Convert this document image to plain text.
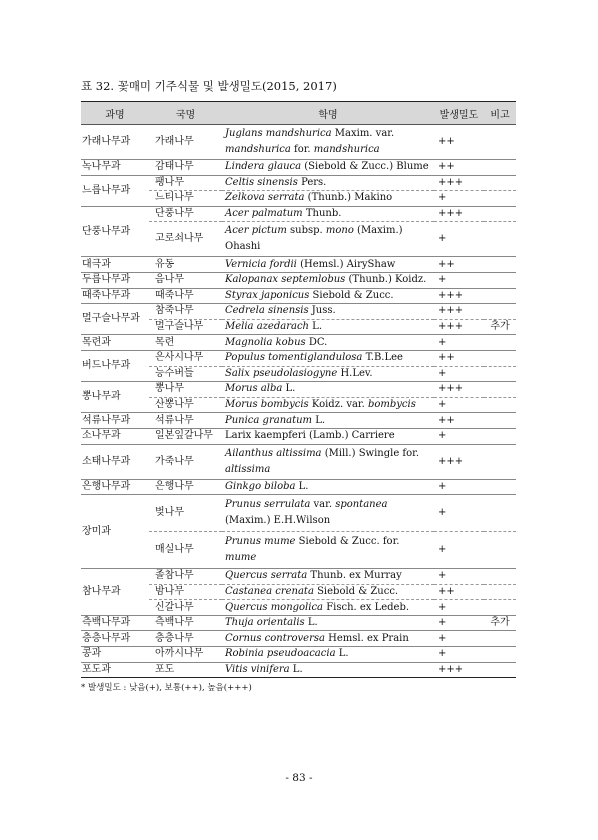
표 32. 꽃매미 기주식물 및 발생밀도(2015, 2017)
과명	국명	학명	발생밀도	비고
가래나무과	가래나무	Juglans mandshurica Maxim. var. mandshurica for. mandshurica	++	
녹나무과	감태나무	Lindera glauca (Siebold & Zucc.) Blume	++	
느릅나무과	팽나무	Celtis sinensis Pers.	+++	
	느티나무	Zelkova serrata (Thunb.) Makino	+	
단풍나무과	단풍나무	Acer palmatum Thunb.	+++	
	고로쇠나무	Acer pictum subsp. mono (Maxim.) Ohashi	+	
대극과	유동	Vernicia fordii (Hemsl.) AiryShaw	++	
두릅나무과	음나무	Kalopanax septemlobus (Thunb.) Koidz.	+	
때죽나무과	때죽나무	Styrax japonicus Siebold & Zucc.	+++	
멀구슬나무과	참죽나무	Cedrela sinensis Juss.	+++	
	멀구슬나무	Melia azedarach L.	+++	추가
목련과	목련	Magnolia kobus DC.	+	
버드나무과	은사시나무	Populus tomentiglandulosa T.B.Lee	++	
	능수버들	Salix pseudolasiogyne H.Lev.	+	
뽕나무과	뽕나무	Morus alba L.	+++	
	산뽕나무	Morus bombycis Koidz. var. bombycis	+	
석류나무과	석류나무	Punica granatum L.	++	
소나무과	일본잎갈나무	Larix kaempferi (Lamb.) Carriere	+	
소태나무과	가죽나무	Ailanthus altissima (Mill.) Swingle for. altissima	+++	
은행나무과	은행나무	Ginkgo biloba L.	+	
장미과	벚나무	Prunus serrulata var. spontanea (Maxim.) E.H.Wilson	+	
	매실나무	Prunus mume Siebold & Zucc. for. mume	+	
참나무과	졸참나무	Quercus serrata Thunb. ex Murray	+	
	밤나무	Castanea crenata Siebold & Zucc.	++	
	신갈나무	Quercus mongolica Fisch. ex Ledeb.	+	
측백나무과	측백나무	Thuja orientalis L.	+	추가
층층나무과	층층나무	Cornus controversa Hemsl. ex Prain	+	
콩과	아까시나무	Robinia pseudoacacia L.	+	
포도과	포도	Vitis vinifera L.	+++	
* 발생밀도 : 낮음(+), 보통(++), 높음(+++)
- 83 -
